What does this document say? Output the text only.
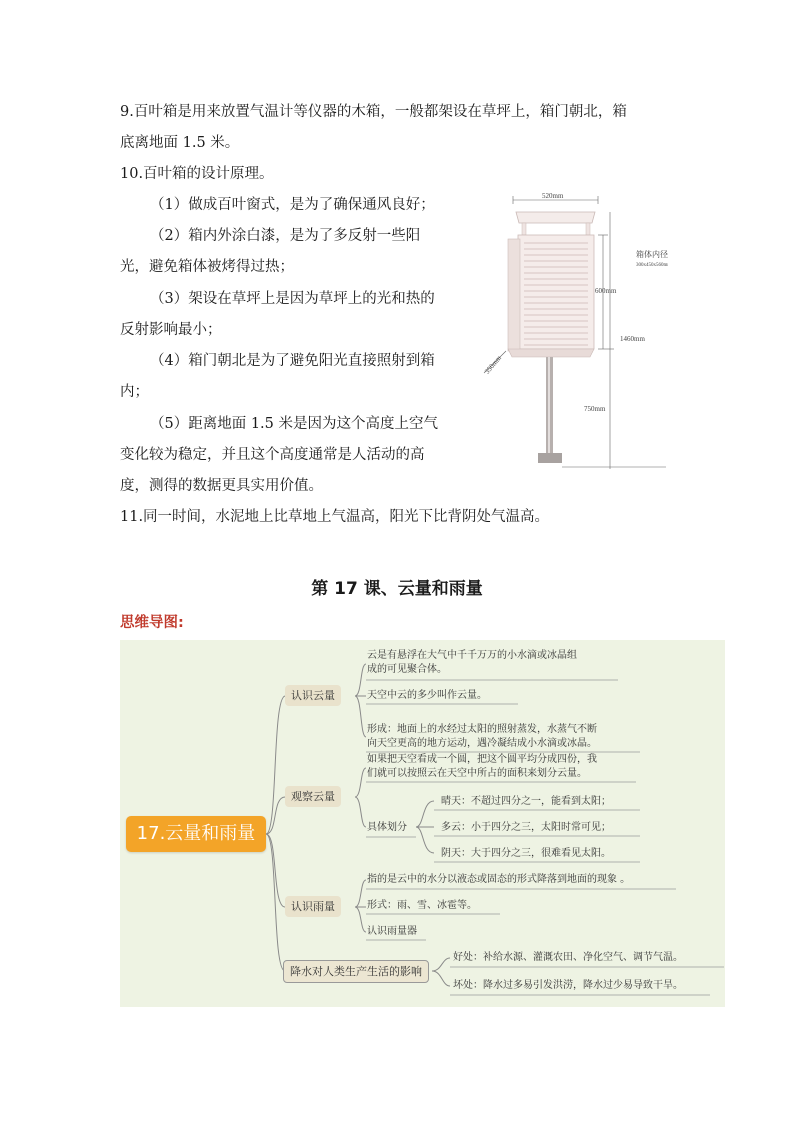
9.百叶箱是用来放置气温计等仪器的木箱，一般都架设在草坪上，箱门朝北，箱
底离地面 1.5 米。
10.百叶箱的设计原理。
（1）做成百叶窗式，是为了确保通风良好；
（2）箱内外涂白漆，是为了多反射一些阳
光，避免箱体被烤得过热；
（3）架设在草坪上是因为草坪上的光和热的
反射影响最小；
（4）箱门朝北是为了避免阳光直接照射到箱
内；
（5）距离地面 1.5 米是因为这个高度上空气
变化较为稳定，并且这个高度通常是人活动的高
度，测得的数据更具实用价值。
11.同一时间，水泥地上比草地上气温高，阳光下比背阴处气温高。
520mm
箱体内径:
300x450x560mm
600mm
1460mm
750mm
350mm
第 17 课、云量和雨量
思维导图:
17.云量和雨量
认识云量
云是有悬浮在大气中千千万万的小水滴或冰晶组
成的可见聚合体。
天空中云的多少叫作云量。
形成：地面上的水经过太阳的照射蒸发，水蒸气不断
向天空更高的地方运动，遇冷凝结成小水滴或冰晶。
观察云量
如果把天空看成一个圆，把这个圆平均分成四份，我
们就可以按照云在天空中所占的面积来划分云量。
具体划分
晴天：不超过四分之一，能看到太阳；
多云：小于四分之三，太阳时常可见；
阴天：大于四分之三，很难看见太阳。
认识雨量
指的是云中的水分以液态或固态的形式降落到地面的现象 。
形式：雨、雪、冰雹等。
认识雨量器
降水对人类生产生活的影响
好处：补给水源、灌溉农田、净化空气、调节气温。
坏处：降水过多易引发洪涝，降水过少易导致干旱。
